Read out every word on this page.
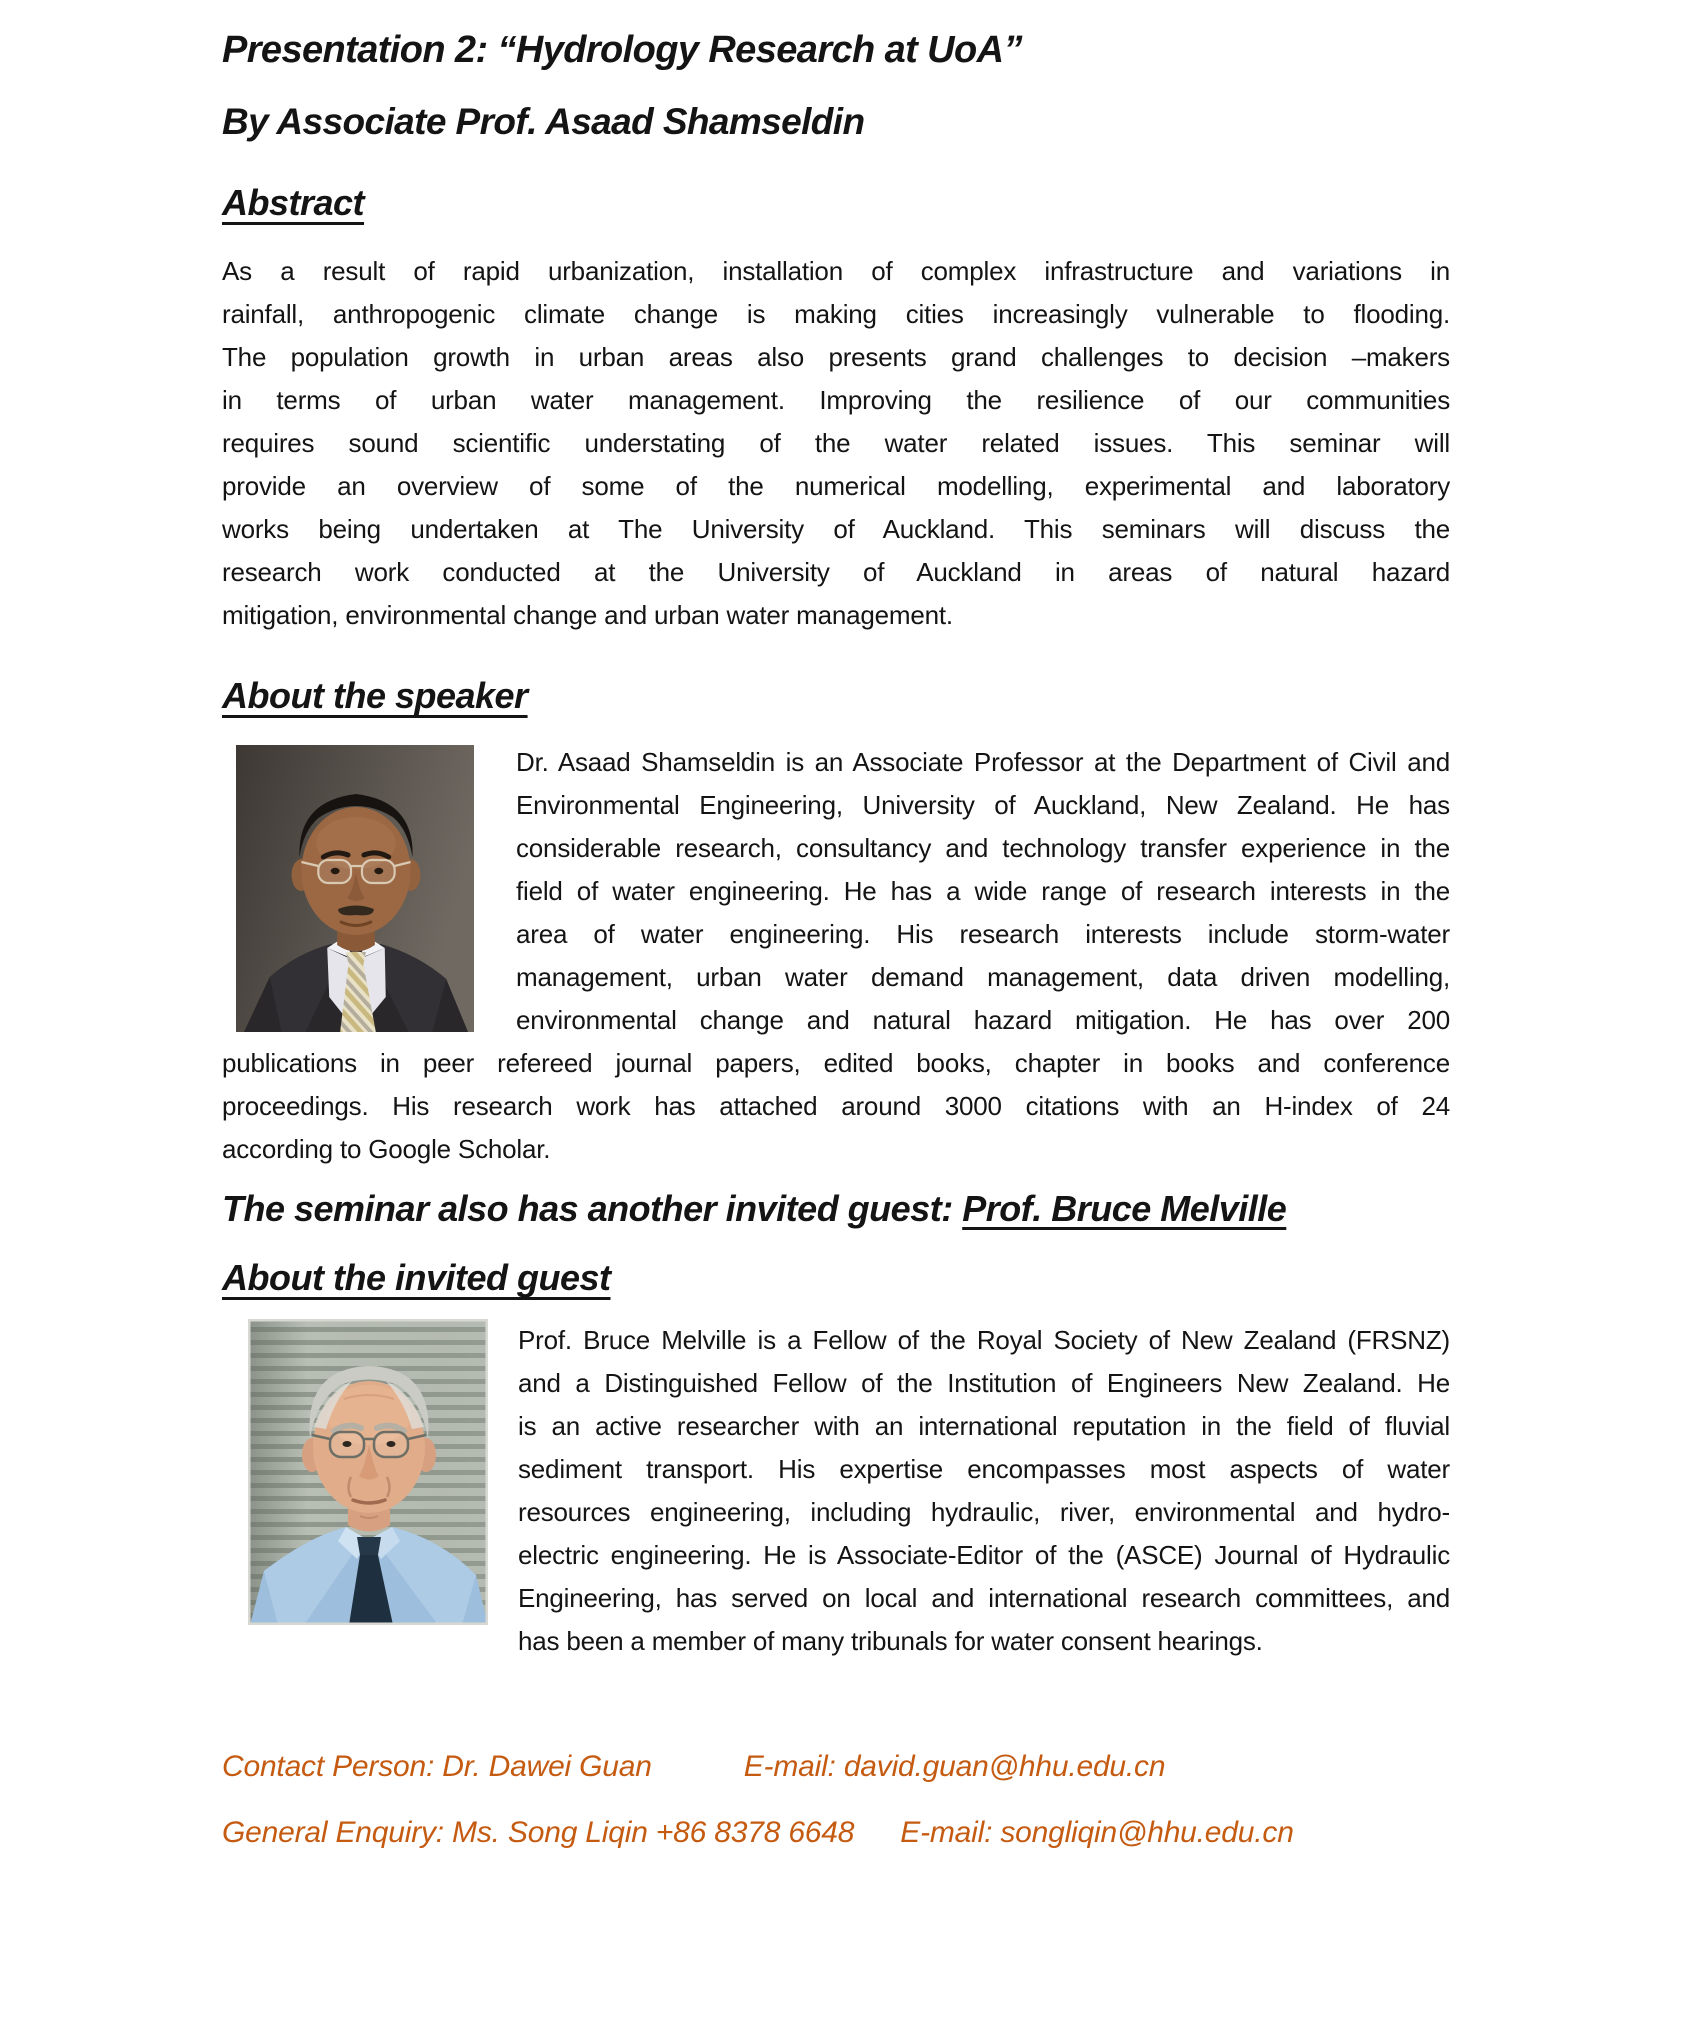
Presentation 2: “Hydrology Research at UoA”
By Associate Prof. Asaad Shamseldin
Abstract
As a result of rapid urbanization, installation of complex infrastructure and variations in
rainfall, anthropogenic climate change is making cities increasingly vulnerable to flooding.
The population growth in urban areas also presents grand challenges to decision –makers
in terms of urban water management. Improving the resilience of our communities
requires sound scientific understating of the water related issues. This seminar will
provide an overview of some of the numerical modelling, experimental and laboratory
works being undertaken at The University of Auckland. This seminars will discuss the
research work conducted at the University of Auckland in areas of natural hazard
mitigation, environmental change and urban water management.
About the speaker
Dr. Asaad Shamseldin is an Associate Professor at the Department of Civil and
Environmental Engineering, University of Auckland, New Zealand. He has
considerable research, consultancy and technology transfer experience in the
field of water engineering. He has a wide range of research interests in the
area of water engineering. His research interests include storm-water
management, urban water demand management, data driven modelling,
environmental change and natural hazard mitigation. He has over 200
publications in peer refereed journal papers, edited books, chapter in books and conference
proceedings. His research work has attached around 3000 citations with an H-index of 24
according to Google Scholar.
The seminar also has another invited guest: Prof. Bruce Melville
About the invited guest
Prof. Bruce Melville is a Fellow of the Royal Society of New Zealand (FRSNZ)
and a Distinguished Fellow of the Institution of Engineers New Zealand. He
is an active researcher with an international reputation in the field of fluvial
sediment transport. His expertise encompasses most aspects of water
resources engineering, including hydraulic, river, environmental and hydro-
electric engineering. He is Associate-Editor of the (ASCE) Journal of Hydraulic
Engineering, has served on local and international research committees, and
has been a member of many tribunals for water consent hearings.
Contact Person: Dr. Dawei Guan	E-mail: david.guan@hhu.edu.cn
General Enquiry: Ms. Song Liqin +86 8378 6648 E-mail: songliqin@hhu.edu.cn
